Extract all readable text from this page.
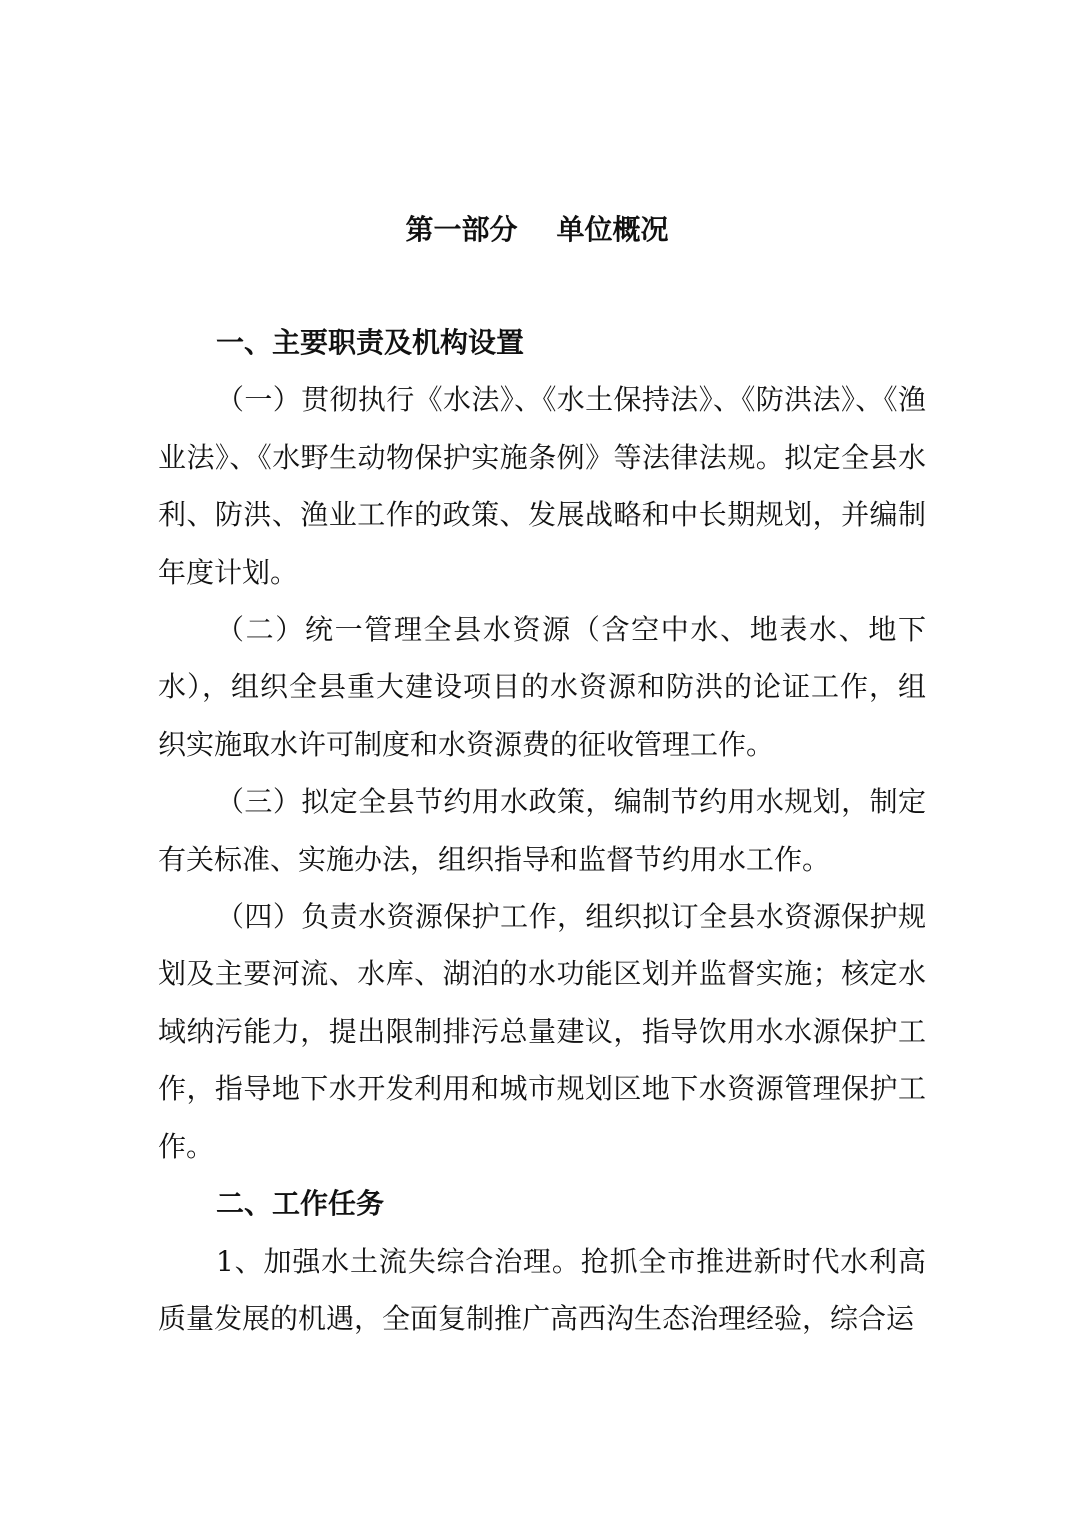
第一部分    单位概况

一、主要职责及机构设置

（一）贯彻执行《水法》、《水土保持法》、《防洪法》、《渔业法》、《水野生动物保护实施条例》等法律法规。拟定全县水利、防洪、渔业工作的政策、发展战略和中长期规划，并编制年度计划。

（二）统一管理全县水资源（含空中水、地表水、地下水），组织全县重大建设项目的水资源和防洪的论证工作，组织实施取水许可制度和水资源费的征收管理工作。

（三）拟定全县节约用水政策，编制节约用水规划，制定有关标准、实施办法，组织指导和监督节约用水工作。

（四）负责水资源保护工作，组织拟订全县水资源保护规划及主要河流、水库、湖泊的水功能区划并监督实施；核定水域纳污能力，提出限制排污总量建议，指导饮用水水源保护工作，指导地下水开发利用和城市规划区地下水资源管理保护工作。

二、工作任务

1、加强水土流失综合治理。抢抓全市推进新时代水利高质量发展的机遇，全面复制推广高西沟生态治理经验，综合运
